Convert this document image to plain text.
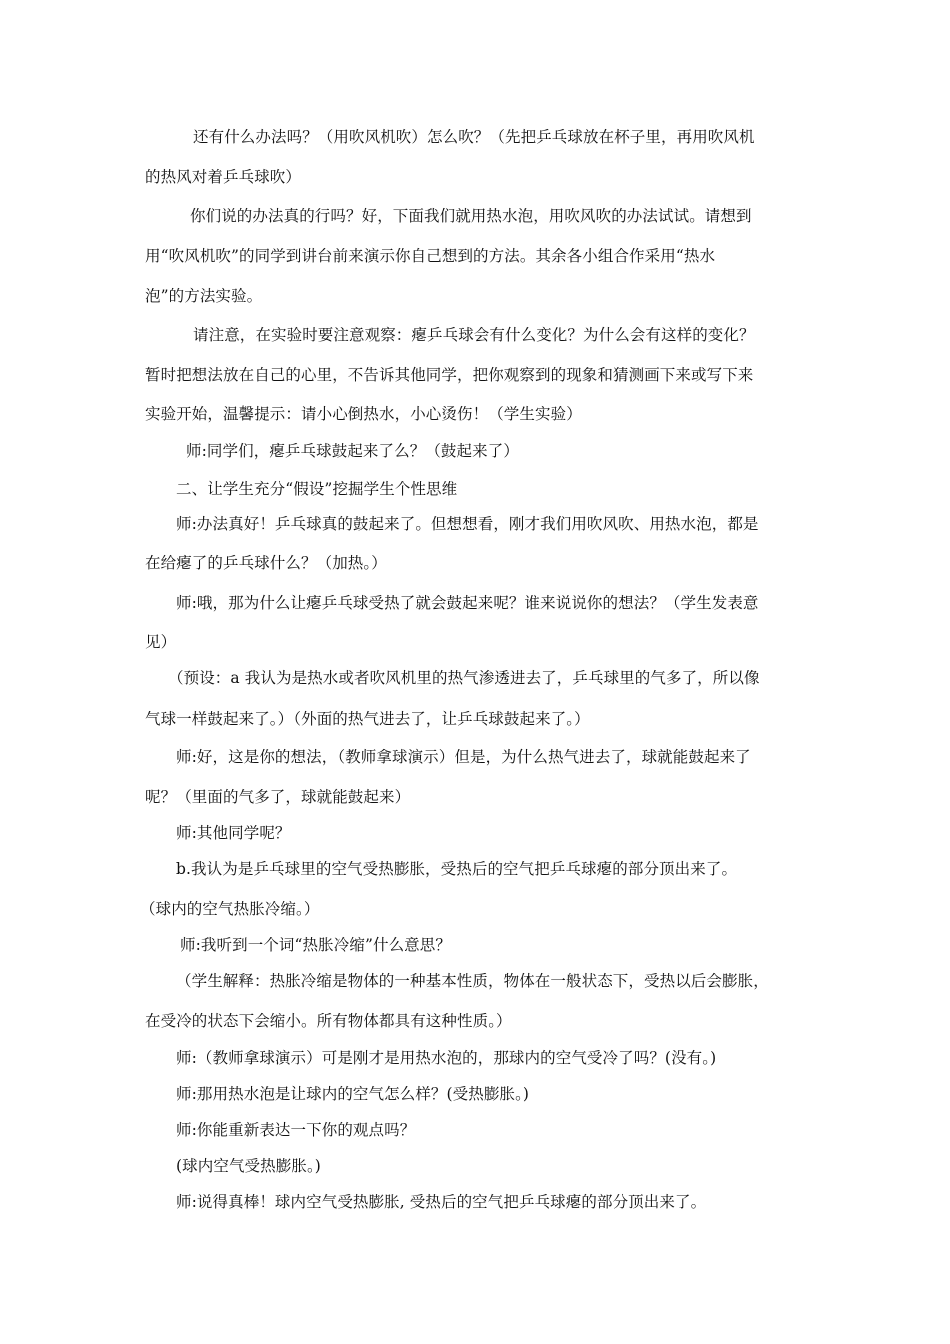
还有什么办法吗？（用吹风机吹）怎么吹？（先把乒乓球放在杯子里，再用吹风机
的热风对着乒乓球吹）
你们说的办法真的行吗？好，下面我们就用热水泡，用吹风吹的办法试试。请想到
用“吹风机吹”的同学到讲台前来演示你自己想到的方法。其余各小组合作采用“热水
泡”的方法实验。
请注意，在实验时要注意观察：瘪乒乓球会有什么变化？为什么会有这样的变化？
暂时把想法放在自己的心里，不告诉其他同学，把你观察到的现象和猜测画下来或写下来
实验开始，温馨提示：请小心倒热水，小心烫伤！（学生实验）
师:同学们，瘪乒乓球鼓起来了么？（鼓起来了）
二、让学生充分“假设”挖掘学生个性思维
师:办法真好！乒乓球真的鼓起来了。但想想看，刚才我们用吹风吹、用热水泡，都是
在给瘪了的乒乓球什么？（加热。）
师:哦，那为什么让瘪乒乓球受热了就会鼓起来呢？谁来说说你的想法？（学生发表意
见）
（预设：a 我认为是热水或者吹风机里的热气渗透进去了，乒乓球里的气多了，所以像
气球一样鼓起来了。）（外面的热气进去了，让乒乓球鼓起来了。）
师:好，这是你的想法，（教师拿球演示）但是，为什么热气进去了，球就能鼓起来了
呢？（里面的气多了，球就能鼓起来）
师:其他同学呢？
b.我认为是乒乓球里的空气受热膨胀，受热后的空气把乒乓球瘪的部分顶出来了。
（球内的空气热胀冷缩。）
师:我听到一个词“热胀冷缩”什么意思？
（学生解释：热胀冷缩是物体的一种基本性质，物体在一般状态下，受热以后会膨胀，
在受冷的状态下会缩小。所有物体都具有这种性质。）
师:（教师拿球演示）可是刚才是用热水泡的，那球内的空气受冷了吗？(没有。)
师:那用热水泡是让球内的空气怎么样？(受热膨胀。)
师:你能重新表达一下你的观点吗？
(球内空气受热膨胀。)
师:说得真棒！球内空气受热膨胀, 受热后的空气把乒乓球瘪的部分顶出来了。
